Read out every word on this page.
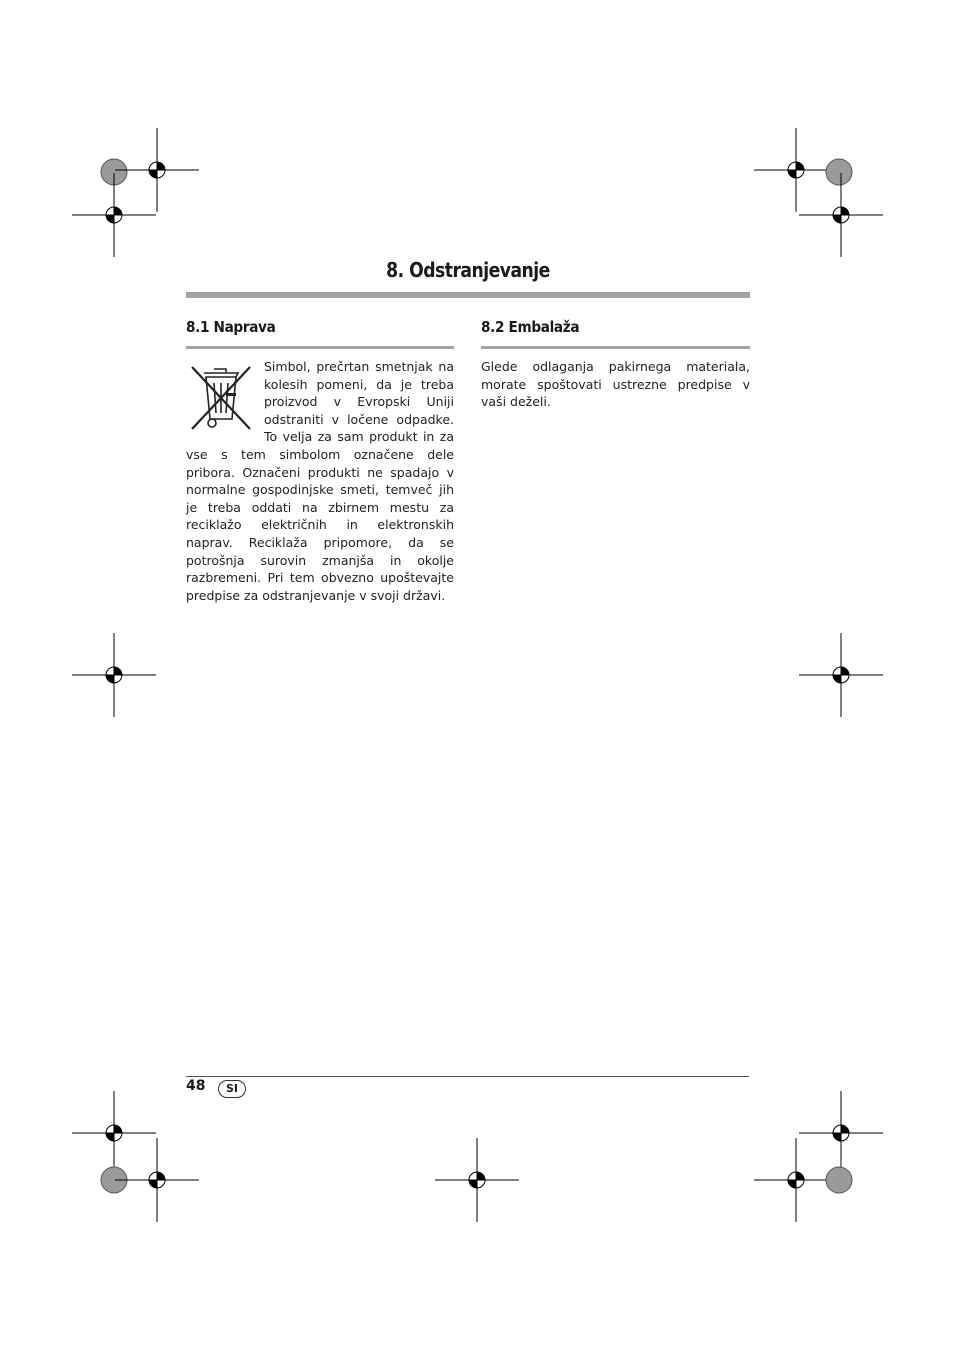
8. Odstranjevanje
8.1 Naprava

Simbol, prečrtan smetnjak na kolesih pomeni, da je treba proizvod v Evropski Uniji odstraniti v ločene odpadke. To velja za sam produkt in za vse s tem simbolom označene dele pribora. Označeni produkti ne spadajo v normalne gospodinjske smeti, temveč jih je treba oddati na zbirnem mestu za reciklažo električnih in elektronskih naprav. Reciklaža pripomore, da se potrošnja surovin zmanjša in okolje razbremeni. Pri tem obvezno upoštevajte predpise za odstranjevanje v svoji državi.

8.2 Embalaža

Glede odlaganja pakirnega materiala, morate spoštovati ustrezne predpise v vaši deželi.

48	SI
